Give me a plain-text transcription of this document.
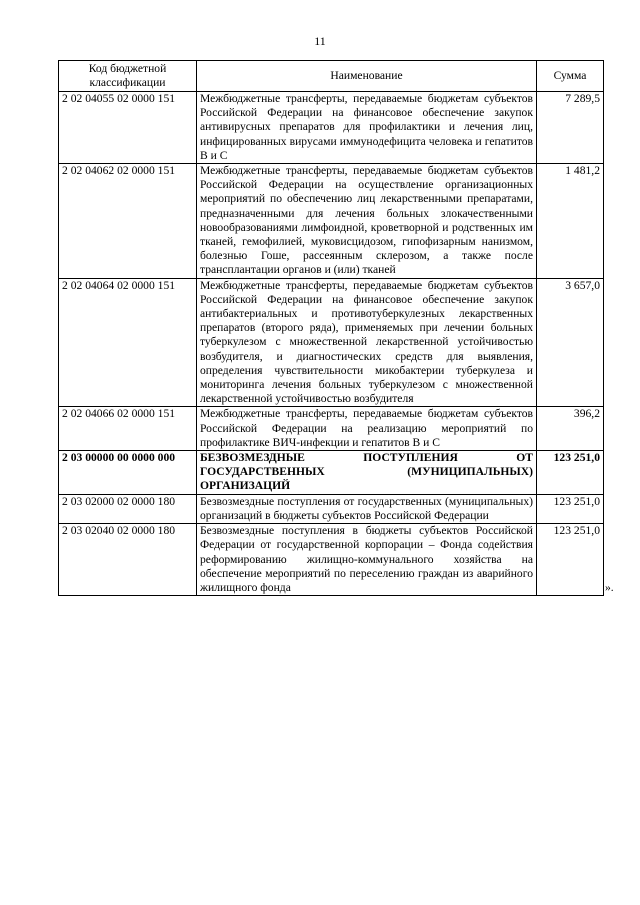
11
Код бюджетной классификации	Наименование	Сумма
2 02 04055 02 0000 151	Межбюджетные трансферты, передаваемые бюджетам субъектов Российской Федерации на финансовое обеспечение закупок антивирусных препаратов для профилактики и лечения лиц, инфицированных вирусами иммунодефицита человека и гепатитов В и С	7 289,5
2 02 04062 02 0000 151	Межбюджетные трансферты, передаваемые бюджетам субъектов Российской Федерации на осуществление организационных мероприятий по обеспечению лиц лекарственными препаратами, предназначенными для лечения больных злокачественными новообразованиями лимфоидной, кроветворной и родственных им тканей, гемофилией, муковисцидозом, гипофизарным нанизмом, болезнью Гоше, рассеянным склерозом, а также после трансплантации органов и (или) тканей	1 481,2
2 02 04064 02 0000 151	Межбюджетные трансферты, передаваемые бюджетам субъектов Российской Федерации на финансовое обеспечение закупок антибактериальных и противотуберкулезных лекарственных препаратов (второго ряда), применяемых при лечении больных туберкулезом с множественной лекарственной устойчивостью возбудителя, и диагностических средств для выявления, определения чувствительности микобактерии туберкулеза и мониторинга лечения больных туберкулезом с множественной лекарственной устойчивостью возбудителя	3 657,0
2 02 04066 02 0000 151	Межбюджетные трансферты, передаваемые бюджетам субъектов Российской Федерации на реализацию мероприятий по профилактике ВИЧ-инфекции и гепатитов В и С	396,2
2 03 00000 00 0000 000	БЕЗВОЗМЕЗДНЫЕ ПОСТУПЛЕНИЯ ОТ ГОСУДАРСТВЕННЫХ (МУНИЦИПАЛЬНЫХ) ОРГАНИЗАЦИЙ	123 251,0
2 03 02000 02 0000 180	Безвозмездные поступления от государственных (муниципальных) организаций в бюджеты субъектов Российской Федерации	123 251,0
2 03 02040 02 0000 180	Безвозмездные поступления в бюджеты субъектов Российской Федерации от государственной корпорации – Фонда содействия реформированию жилищно-коммунального хозяйства на обеспечение мероприятий по переселению граждан из аварийного жилищного фонда	123 251,0
».
